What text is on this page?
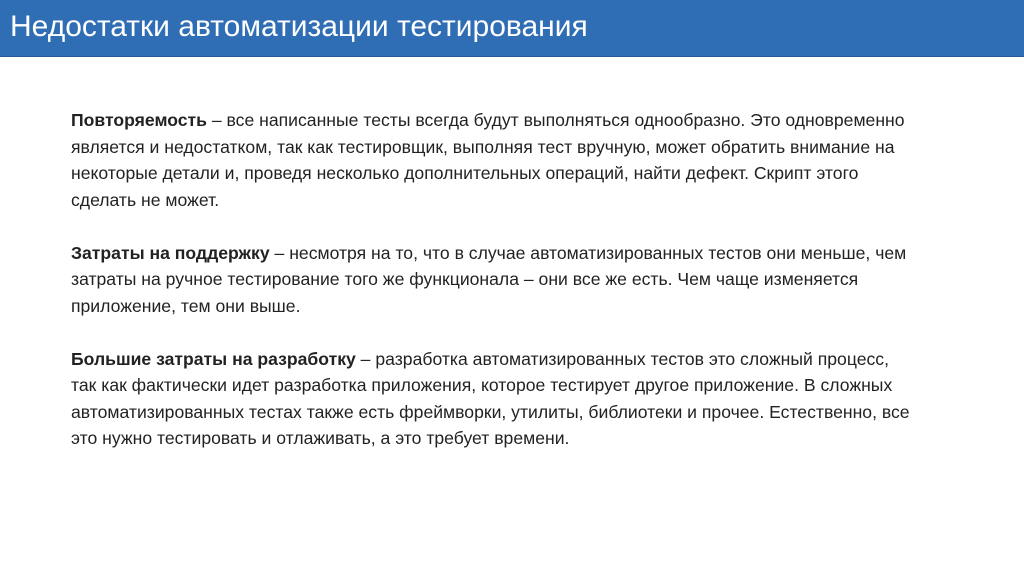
Недостатки автоматизации тестирования

Повторяемость – все написанные тесты всегда будут выполняться однообразно. Это одновременно является и недостатком, так как тестировщик, выполняя тест вручную, может обратить внимание на некоторые детали и, проведя несколько дополнительных операций, найти дефект. Скрипт этого сделать не может.

Затраты на поддержку – несмотря на то, что в случае автоматизированных тестов они меньше, чем затраты на ручное тестирование того же функционала – они все же есть. Чем чаще изменяется приложение, тем они выше.

Большие затраты на разработку – разработка автоматизированных тестов это сложный процесс, так как фактически идет разработка приложения, которое тестирует другое приложение. В сложных автоматизированных тестах также есть фреймворки, утилиты, библиотеки и прочее. Естественно, все это нужно тестировать и отлаживать, а это требует времени.
